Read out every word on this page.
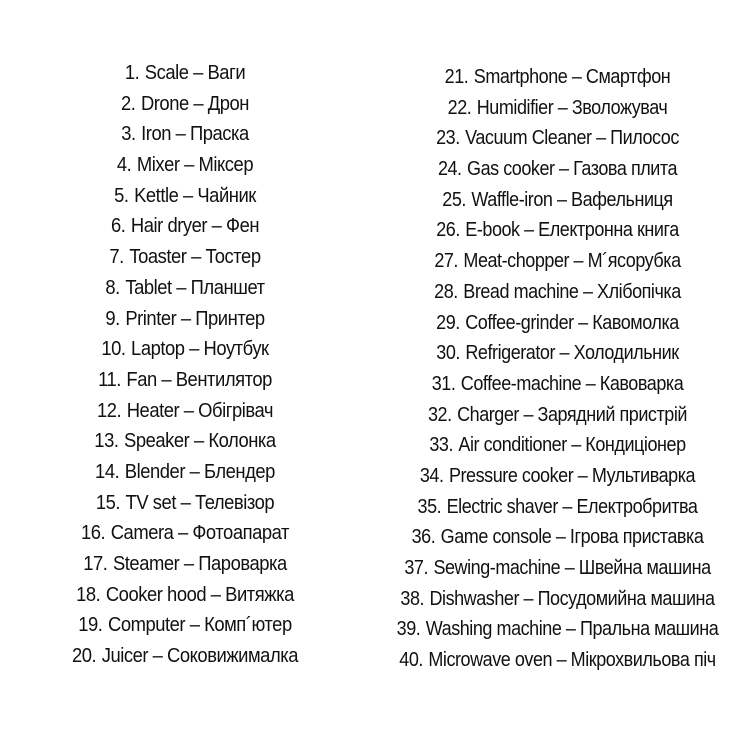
1. Scale – Ваги
2. Drone – Дрон
3. Iron – Праска
4. Mixer – Міксер
5. Kettle – Чайник
6. Hair dryer – Фен
7. Toaster – Тостер
8. Tablet – Планшет
9. Printer – Принтер
10. Laptop – Ноутбук
11. Fan – Вентилятор
12. Heater – Обігрівач
13. Speaker – Колонка
14. Blender – Блендер
15. TV set – Телевізор
16. Camera – Фотоапарат
17. Steamer – Пароварка
18. Cooker hood – Витяжка
19. Computer – Комп´ютер
20. Juicer – Соковижималка
21. Smartphone – Смартфон
22. Humidifier – Зволожувач
23. Vacuum Cleaner – Пилосос
24. Gas cooker – Газова плита
25. Waffle-iron – Вафельниця
26. E-book – Електронна книга
27. Meat-chopper – М´ясорубка
28. Bread machine – Хлібопічка
29. Coffee-grinder – Кавомолка
30. Refrigerator – Холодильник
31. Coffee-machine – Кавоварка
32. Charger – Зарядний пристрій
33. Air conditioner – Кондиціонер
34. Pressure cooker – Мультиварка
35. Electric shaver – Електробритва
36. Game console – Ігрова приставка
37. Sewing-machine – Швейна машина
38. Dishwasher – Посудомийна машина
39. Washing machine – Пральна машина
40. Microwave oven – Мікрохвильова піч
